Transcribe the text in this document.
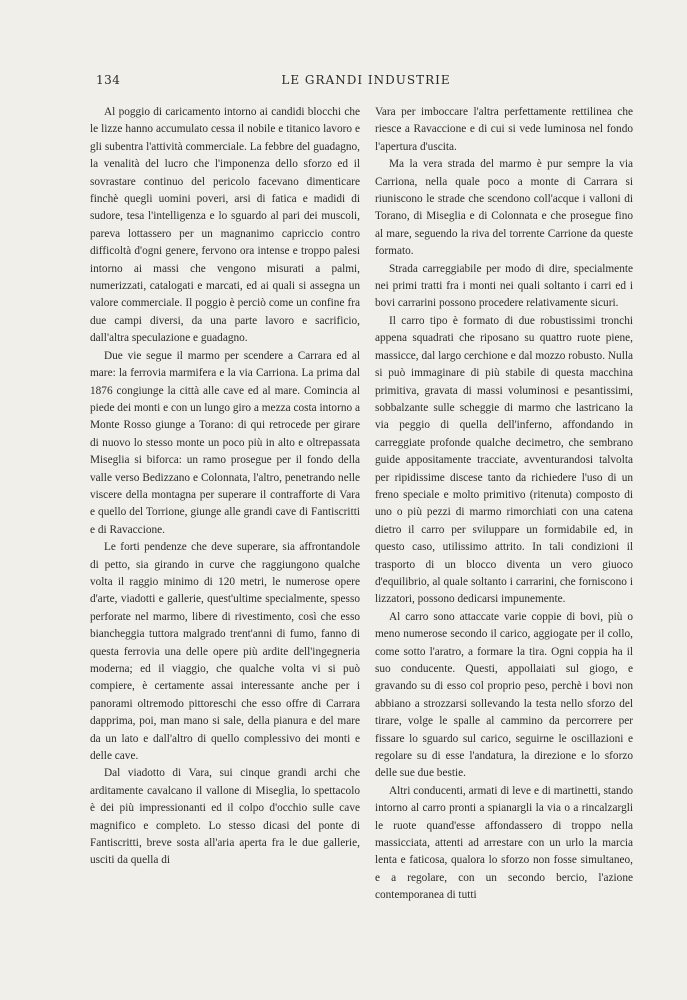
134	LE GRANDI INDUSTRIE

Al poggio di caricamento intorno ai candidi blocchi che le lizze hanno accumulato cessa il nobile e titanico lavoro e gli subentra l'attività commerciale. La febbre del guadagno, la venalità del lucro che l'imponenza dello sforzo ed il sovrastare continuo del pericolo facevano dimenticare finchè quegli uomini poveri, arsi di fatica e madidi di sudore, tesa l'intelligenza e lo sguardo al pari dei muscoli, pareva lottassero per un magnanimo capriccio contro difficoltà d'ogni genere, fervono ora intense e troppo palesi intorno ai massi che vengono misurati a palmi, numerizzati, catalogati e marcati, ed ai quali si assegna un valore commerciale. Il poggio è perciò come un confine fra due campi diversi, da una parte lavoro e sacrificio, dall'altra speculazione e guadagno.

Due vie segue il marmo per scendere a Carrara ed al mare: la ferrovia marmifera e la via Carriona. La prima dal 1876 congiunge la città alle cave ed al mare. Comincia al piede dei monti e con un lungo giro a mezza costa intorno a Monte Rosso giunge a Torano: di qui retrocede per girare di nuovo lo stesso monte un poco più in alto e oltrepassata Miseglia si biforca: un ramo prosegue per il fondo della valle verso Bedizzano e Colonnata, l'altro, penetrando nelle viscere della montagna per superare il contrafforte di Vara e quello del Torrione, giunge alle grandi cave di Fantiscritti e di Ravaccione.

Le forti pendenze che deve superare, sia affrontandole di petto, sia girando in curve che raggiungono qualche volta il raggio minimo di 120 metri, le numerose opere d'arte, viadotti e gallerie, quest'ultime specialmente, spesso perforate nel marmo, libere di rivestimento, così che esso biancheggia tuttora malgrado trent'anni di fumo, fanno di questa ferrovia una delle opere più ardite dell'ingegneria moderna; ed il viaggio, che qualche volta vi si può compiere, è certamente assai interessante anche per i panorami oltremodo pittoreschi che esso offre di Carrara dapprima, poi, man mano si sale, della pianura e del mare da un lato e dall'altro di quello complessivo dei monti e delle cave.

Dal viadotto di Vara, sui cinque grandi archi che arditamente cavalcano il vallone di Miseglia, lo spettacolo è dei più impressionanti ed il colpo d'occhio sulle cave magnifico e completo. Lo stesso dicasi del ponte di Fantiscritti, breve sosta all'aria aperta fra le due gallerie, usciti da quella di

Vara per imboccare l'altra perfettamente rettilinea che riesce a Ravaccione e di cui si vede luminosa nel fondo l'apertura d'uscita.

Ma la vera strada del marmo è pur sempre la via Carriona, nella quale poco a monte di Carrara si riuniscono le strade che scendono coll'acque i valloni di Torano, di Miseglia e di Colonnata e che prosegue fino al mare, seguendo la riva del torrente Carrione da queste formato.

Strada carreggiabile per modo di dire, specialmente nei primi tratti fra i monti nei quali soltanto i carri ed i bovi carrarini possono procedere relativamente sicuri.

Il carro tipo è formato di due robustissimi tronchi appena squadrati che riposano su quattro ruote piene, massicce, dal largo cerchione e dal mozzo robusto. Nulla si può immaginare di più stabile di questa macchina primitiva, gravata di massi voluminosi e pesantissimi, sobbalzante sulle scheggie di marmo che lastricano la via peggio di quella dell'inferno, affondando in carreggiate profonde qualche decimetro, che sembrano guide appositamente tracciate, avventurandosi talvolta per ripidissime discese tanto da richiedere l'uso di un freno speciale e molto primitivo (ritenuta) composto di uno o più pezzi di marmo rimorchiati con una catena dietro il carro per sviluppare un formidabile ed, in questo caso, utilissimo attrito. In tali condizioni il trasporto di un blocco diventa un vero giuoco d'equilibrio, al quale soltanto i carrarini, che forniscono i lizzatori, possono dedicarsi impunemente.

Al carro sono attaccate varie coppie di bovi, più o meno numerose secondo il carico, aggiogate per il collo, come sotto l'aratro, a formare la tira. Ogni coppia ha il suo conducente. Questi, appollaiati sul giogo, e gravando su di esso col proprio peso, perchè i bovi non abbiano a strozzarsi sollevando la testa nello sforzo del tirare, volge le spalle al cammino da percorrere per fissare lo sguardo sul carico, seguirne le oscillazioni e regolare su di esse l'andatura, la direzione e lo sforzo delle sue due bestie.

Altri conducenti, armati di leve e di martinetti, stando intorno al carro pronti a spianargli la via o a rincalzargli le ruote quand'esse affondassero di troppo nella massicciata, attenti ad arrestare con un urlo la marcia lenta e faticosa, qualora lo sforzo non fosse simultaneo, e a regolare, con un secondo bercio, l'azione contemporanea di tutti
